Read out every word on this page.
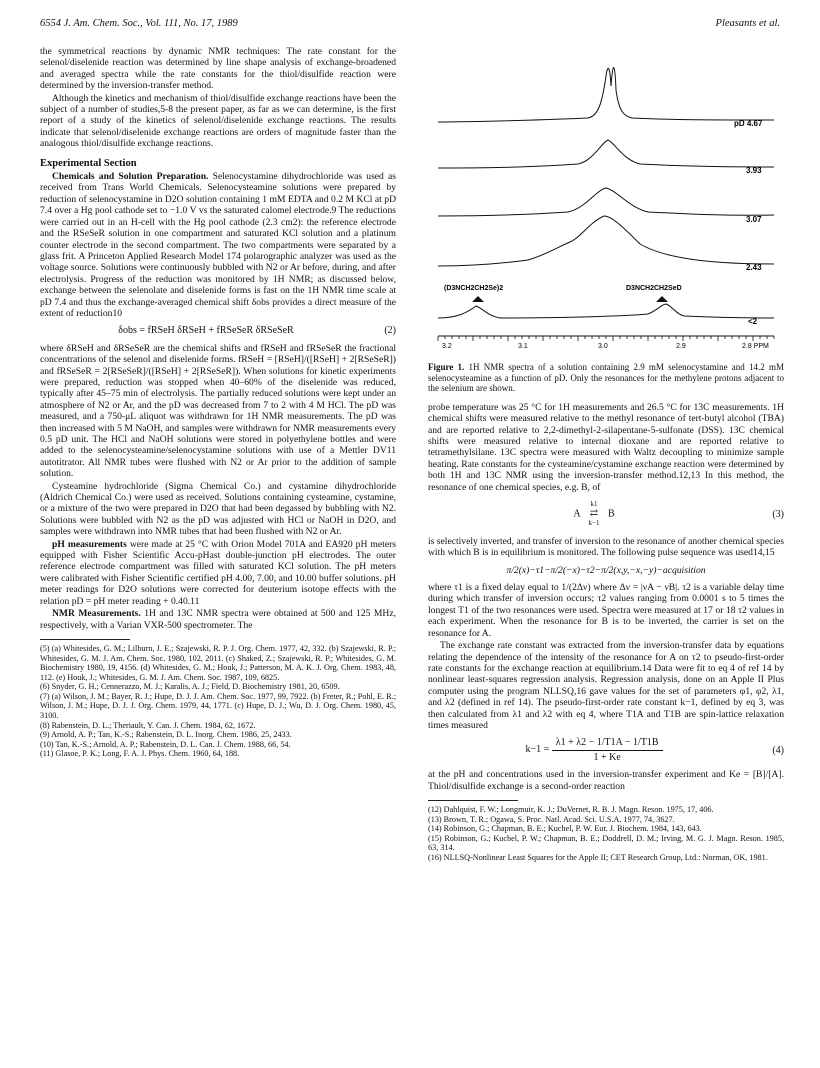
6554 J. Am. Chem. Soc., Vol. 111, No. 17, 1989	Pleasants et al.

the symmetrical reactions by dynamic NMR techniques: The rate constant for the selenol/diselenide reaction was determined by line shape analysis of exchange-broadened and averaged spectra while the rate constants for the thiol/disulfide reaction were determined by the inversion-transfer method.

Although the kinetics and mechanism of thiol/disulfide exchange reactions have been the subject of a number of studies,5-8 the present paper, as far as we can determine, is the first report of a study of the kinetics of selenol/diselenide exchange reactions. The results indicate that selenol/diselenide exchange reactions are orders of magnitude faster than the analogous thiol/disulfide exchange reactions.

Experimental Section

Chemicals and Solution Preparation. Selenocystamine dihydrochloride was used as received from Trans World Chemicals. Selenocysteamine solutions were prepared by reduction of selenocystamine in D2O solution containing 1 mM EDTA and 0.2 M KCl at pD 7.4 over a Hg pool cathode set to −1.0 V vs the saturated calomel electrode.9 The reductions were carried out in an H-cell with the Hg pool cathode (2.3 cm2): the reference electrode and the RSeSeR solution in one compartment and saturated KCl solution and a platinum counter electrode in the second compartment. The two compartments were separated by a glass frit. A Princeton Applied Research Model 174 polarographic analyzer was used as the voltage source. Solutions were continuously bubbled with N2 or Ar before, during, and after electrolysis. Progress of the reduction was monitored by 1H NMR; as discussed below, exchange between the selenolate and diselenide forms is fast on the 1H NMR time scale at pD 7.4 and thus the exchange-averaged chemical shift δobs provides a direct measure of the extent of reduction10

δobs = fRSeH δRSeH + fRSeSeR δRSeSeR	(2)

where δRSeH and δRSeSeR are the chemical shifts and fRSeH and fRSeSeR the fractional concentrations of the selenol and diselenide forms. fRSeH = [RSeH]/([RSeH] + 2[RSeSeR]) and fRSeSeR = 2[RSeSeR]/([RSeH] + 2[RSeSeR]). When solutions for kinetic experiments were prepared, reduction was stopped when 40–60% of the diselenide was reduced, typically after 45–75 min of electrolysis. The partially reduced solutions were kept under an atmosphere of N2 or Ar, and the pD was decreased from 7 to 2 with 4 M HCl. The pD was measured, and a 750-μL aliquot was withdrawn for 1H NMR measurements. The pD was then increased with 5 M NaOH, and samples were withdrawn for NMR measurements every 0.5 pD unit. The HCl and NaOH solutions were stored in polyethylene bottles and were added to the selenocysteamine/selenocystamine solutions with use of a Mettler DV11 autotitrator. All NMR tubes were flushed with N2 or Ar prior to the addition of sample solution.

Cysteamine hydrochloride (Sigma Chemical Co.) and cystamine dihydrochloride (Aldrich Chemical Co.) were used as received. Solutions containing cysteamine, cystamine, or a mixture of the two were prepared in D2O that had been degassed by bubbling with N2. Solutions were bubbled with N2 as the pD was adjusted with HCl or NaOH in D2O, and samples were withdrawn into NMR tubes that had been flushed with N2 or Ar.

pH measurements were made at 25 °C with Orion Model 701A and EA920 pH meters equipped with Fisher Scientific Accu-pHast double-junction pH electrodes. The outer reference electrode compartment was filled with saturated KCl solution. The pH meters were calibrated with Fisher Scientific certified pH 4.00, 7.00, and 10.00 buffer solutions. pH meter readings for D2O solutions were corrected for deuterium isotope effects with the relation pD = pH meter reading + 0.40.11

NMR Measurements. 1H and 13C NMR spectra were obtained at 500 and 125 MHz, respectively, with a Varian VXR-500 spectrometer. The

(5) (a) Whitesides, G. M.; Lilburn, J. E.; Szajewski, R. P. J. Org. Chem. 1977, 42, 332. (b) Szajewski, R. P.; Whitesides, G. M. J. Am. Chem. Soc. 1980, 102, 2011. (c) Shaked, Z.; Szajewski, R. P.; Whitesides, G. M. Biochemistry 1980, 19, 4156. (d) Whitesides, G. M.; Houk, J.; Patterson, M. A. K. J. Org. Chem. 1983, 48, 112. (e) Houk, J.; Whitesides, G. M. J. Am. Chem. Soc. 1987, 109, 6825.

(6) Snyder, G. H.; Cennerazzo, M. J.; Karalis, A. J.; Field, D. Biochemistry 1981, 20, 6509.

(7) (a) Wilson, J. M.; Bayer, R. J.; Hupe, D. J. J. Am. Chem. Soc. 1977, 99, 7922. (b) Freter, R.; Pohl, E. R.; Wilson, J. M.; Hupe, D. J. J. Org. Chem. 1979, 44, 1771. (c) Hupe, D. J.; Wu, D. J. Org. Chem. 1980, 45, 3100.

(8) Rabenstein, D. L.; Theriault, Y. Can. J. Chem. 1984, 62, 1672.

(9) Arnold, A. P.; Tan, K.-S.; Rabenstein, D. L. Inorg. Chem. 1986, 25, 2433.

(10) Tan, K.-S.; Arnold, A. P.; Rabenstein, D. L. Can. J. Chem. 1988, 66, 54.

(11) Glasoe, P. K.; Long, F. A. J. Phys. Chem. 1960, 64, 188.

pD 4.67
3.93
3.07
2.43
<2
(D3NCH2CH2Se)2	D3NCH2CH2SeD
3.2	3.1	3.0	2.9	2.8 PPM
Figure 1. 1H NMR spectra of a solution containing 2.9 mM selenocystamine and 14.2 mM selenocysteamine as a function of pD. Only the resonances for the methylene protons adjacent to the selenium are shown.

probe temperature was 25 °C for 1H measurements and 26.5 °C for 13C measurements. 1H chemical shifts were measured relative to the methyl resonance of tert-butyl alcohol (TBA) and are reported relative to 2,2-dimethyl-2-silapentane-5-sulfonate (DSS). 13C chemical shifts were measured relative to internal dioxane and are reported relative to tetramethylsilane. 13C spectra were measured with Waltz decoupling to minimize sample heating. Rate constants for the cysteamine/cystamine exchange reaction were determined by both 1H and 13C NMR using the inversion-transfer method.12,13 In this method, the resonance of one chemical species, e.g. B, of

A
k1
⇄
k−1
B	(3)

is selectively inverted, and transfer of inversion to the resonance of another chemical species with which B is in equilibrium is monitored. The following pulse sequence was used14,15

π/2(x)−τ1−π/2(−x)−τ2−π/2(x,y,−x,−y)−acquisition

where τ1 is a fixed delay equal to 1/(2Δν) where Δν = |νA − νB|. τ2 is a variable delay time during which transfer of inversion occurs; τ2 values ranging from 0.0001 s to 5 times the longest T1 of the two resonances were used. Spectra were measured at 17 or 18 τ2 values in each experiment. When the resonance for B is to be inverted, the carrier is set on the resonance for A.

The exchange rate constant was extracted from the inversion-transfer data by equations relating the dependence of the intensity of the resonance for A on τ2 to pseudo-first-order rate constants for the exchange reaction at equilibrium.14 Data were fit to eq 4 of ref 14 by nonlinear least-squares regression analysis. Regression analysis, done on an Apple II Plus computer using the program NLLSQ,16 gave values for the set of parameters φ1, φ2, λ1, and λ2 (defined in ref 14). The pseudo-first-order rate constant k−1, defined by eq 3, was then calculated from λ1 and λ2 with eq 4, where T1A and T1B are spin-lattice relaxation times measured

$k-1 = \frac{\lambda 1 + \lambda 2 - 1/T1A - 1/T1B}{1 + Ke}$	(4)

at the pH and concentrations used in the inversion-transfer experiment and Ke = [B]/[A]. Thiol/disulfide exchange is a second-order reaction

(12) Dahlquist, F. W.; Longmuir, K. J.; DuVernet, R. B. J. Magn. Reson. 1975, 17, 406.

(13) Brown, T. R.; Ogawa, S. Proc. Natl. Acad. Sci. U.S.A. 1977, 74, 3627.

(14) Robinson, G.; Chapman, B. E.; Kuchel, P. W. Eur. J. Biochem. 1984, 143, 643.

(15) Robinson, G.; Kuchel, P. W.; Chapman, B. E.; Doddrell, D. M.; Irving, M. G. J. Magn. Reson. 1985, 63, 314.

(16) NLLSQ-Nonlinear Least Squares for the Apple II; CET Research Group, Ltd.: Norman, OK, 1981.
